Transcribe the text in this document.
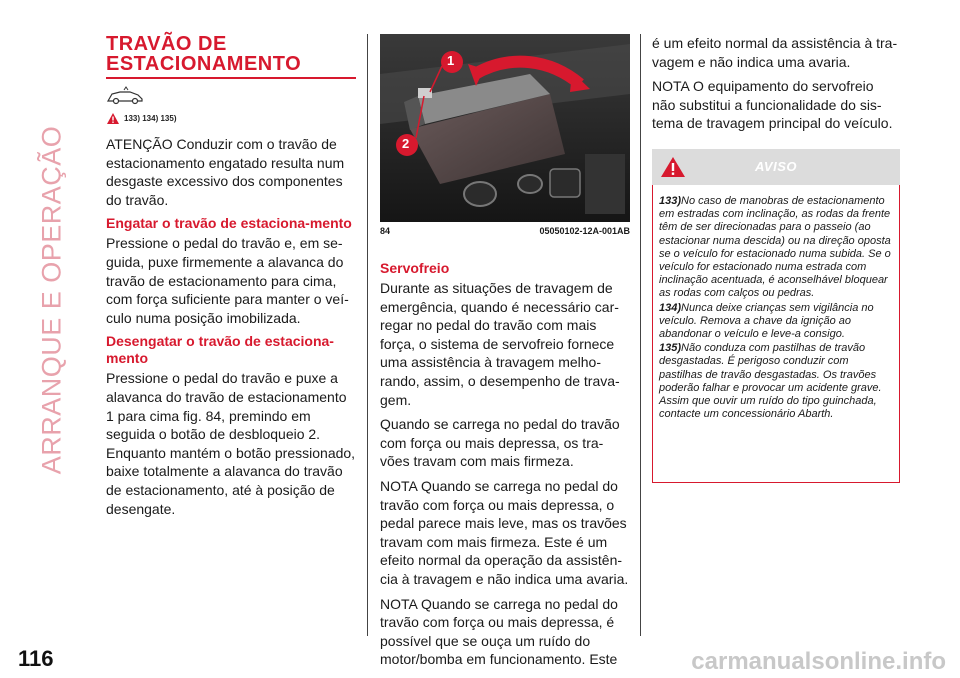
ARRANQUE E OPERAÇÃO
TRAVÃO DE
ESTACIONAMENTO
133) 134) 135)

ATENÇÃO Conduzir com o travão de estacionamento engatado resulta num desgaste excessivo dos componentes do travão.

Engatar o travão de estaciona-mento

Pressione o pedal do travão e, em se-guida, puxe firmemente a alavanca do travão de estacionamento para cima, com força suficiente para manter o veí-culo numa posição imobilizada.

Desengatar o travão de estaciona-mento

Pressione o pedal do travão e puxe a alavanca do travão de estacionamento 1 para cima fig. 84, premindo em seguida o botão de desbloqueio 2. Enquanto mantém o botão pressionado, baixe totalmente a alavanca do travão de estacionamento, até à posição de desengate.

1
2
84	05050102-12A-001AB
Servofreio

Durante as situações de travagem de emergência, quando é necessário car-regar no pedal do travão com mais força, o sistema de servofreio fornece uma assistência à travagem melho-rando, assim, o desempenho de trava-gem.

Quando se carrega no pedal do travão com força ou mais depressa, os tra-vões travam com mais firmeza.

NOTA Quando se carrega no pedal do travão com força ou mais depressa, o pedal parece mais leve, mas os travões travam com mais firmeza. Este é um efeito normal da operação da assistên-cia à travagem e não indica uma avaria.

NOTA Quando se carrega no pedal do travão com força ou mais depressa, é possível que se ouça um ruído do motor/bomba em funcionamento. Este

é um efeito normal da assistência à tra-vagem e não indica uma avaria.

NOTA O equipamento do servofreio não substitui a funcionalidade do sis-tema de travagem principal do veículo.

AVISO

133)No caso de manobras de estacionamento em estradas com inclinação, as rodas da frente têm de ser direcionadas para o passeio (ao estacionar numa descida) ou na direção oposta se o veículo for estacionado numa subida. Se o veículo for estacionado numa estrada com inclinação acentuada, é aconselhável bloquear as rodas com calços ou pedras.

134)Nunca deixe crianças sem vigilância no veículo. Remova a chave da ignição ao abandonar o veículo e leve-a consigo.

135)Não conduza com pastilhas de travão desgastadas. É perigoso conduzir com pastilhas de travão desgastadas. Os travões poderão falhar e provocar um acidente grave. Assim que ouvir um ruído do tipo guinchada, contacte um concessionário Abarth.

116	carmanualsonline.info
